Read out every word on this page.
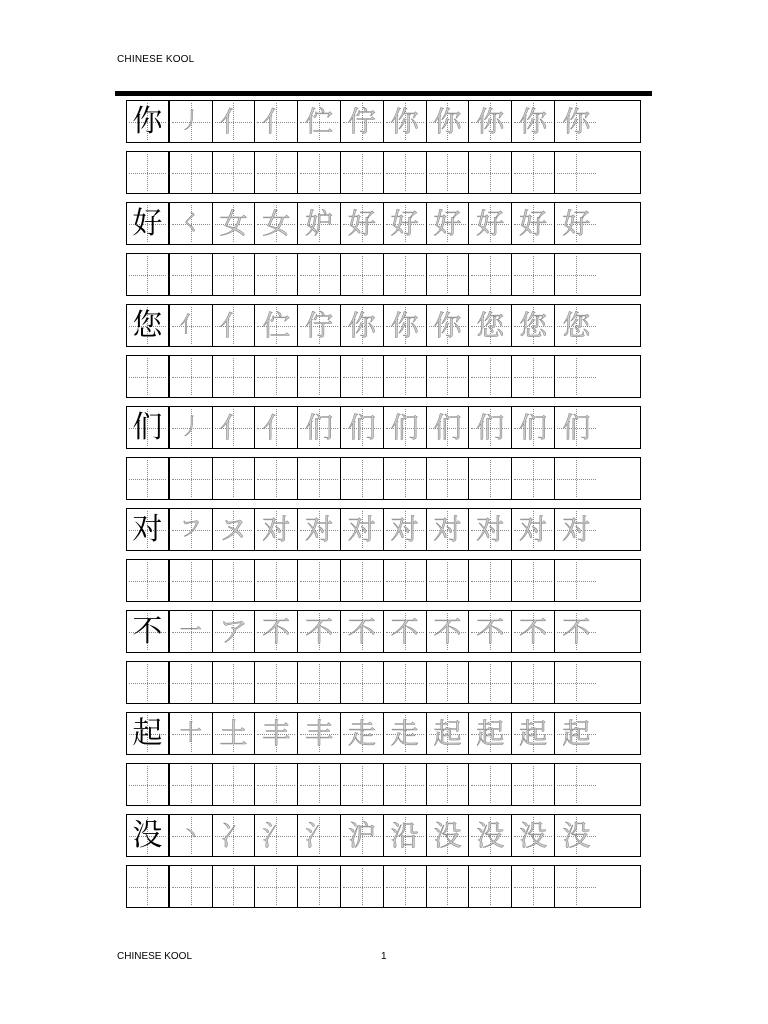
CHINESE KOOL
你 丿 亻 亻 伫 佇 你 你 你 你 你
好 く 女 女 妒 好 好 好 好 好 好
您 亻 亻 伫 佇 你 你 你 您 您 您
们 丿 亻 亻 们 们 们 们 们 们 们
对 フ ヌ 对 对 对 对 对 对 对 对
不 一 ア 不 不 不 不 不 不 不 不
起 十 土 丰 丰 走 走 起 起 起 起
没 丶 冫 氵 氵 沪 沿 没 没 没 没
CHINESE KOOL	1
